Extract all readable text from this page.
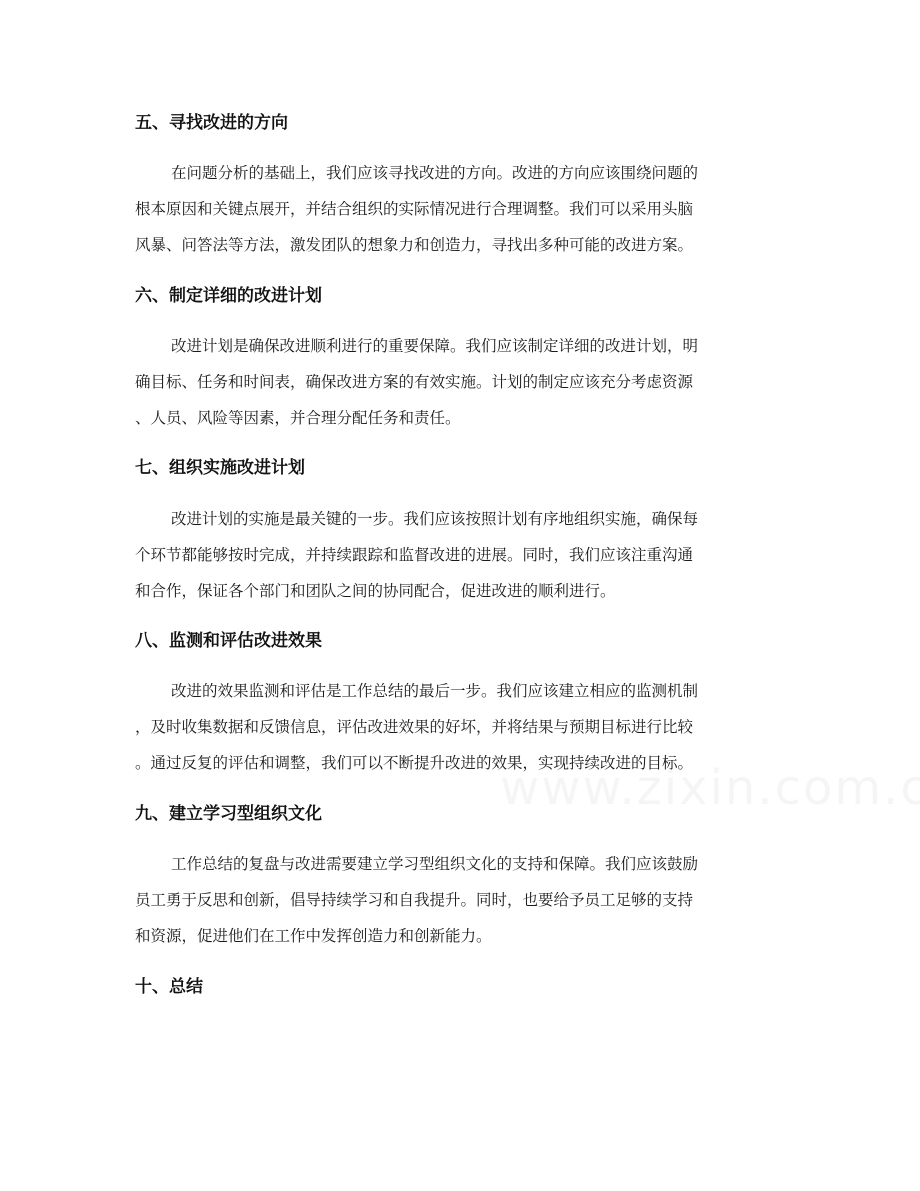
五、寻找改进的方向
在问题分析的基础上，我们应该寻找改进的方向。改进的方向应该围绕问题的
根本原因和关键点展开，并结合组织的实际情况进行合理调整。我们可以采用头脑
风暴、问答法等方法，激发团队的想象力和创造力，寻找出多种可能的改进方案。
六、制定详细的改进计划
改进计划是确保改进顺利进行的重要保障。我们应该制定详细的改进计划，明
确目标、任务和时间表，确保改进方案的有效实施。计划的制定应该充分考虑资源
、人员、风险等因素，并合理分配任务和责任。
七、组织实施改进计划
改进计划的实施是最关键的一步。我们应该按照计划有序地组织实施，确保每
个环节都能够按时完成，并持续跟踪和监督改进的进展。同时，我们应该注重沟通
和合作，保证各个部门和团队之间的协同配合，促进改进的顺利进行。
八、监测和评估改进效果
改进的效果监测和评估是工作总结的最后一步。我们应该建立相应的监测机制
，及时收集数据和反馈信息，评估改进效果的好坏，并将结果与预期目标进行比较
。通过反复的评估和调整，我们可以不断提升改进的效果，实现持续改进的目标。
九、建立学习型组织文化
工作总结的复盘与改进需要建立学习型组织文化的支持和保障。我们应该鼓励
员工勇于反思和创新，倡导持续学习和自我提升。同时，也要给予员工足够的支持
和资源，促进他们在工作中发挥创造力和创新能力。
十、总结
